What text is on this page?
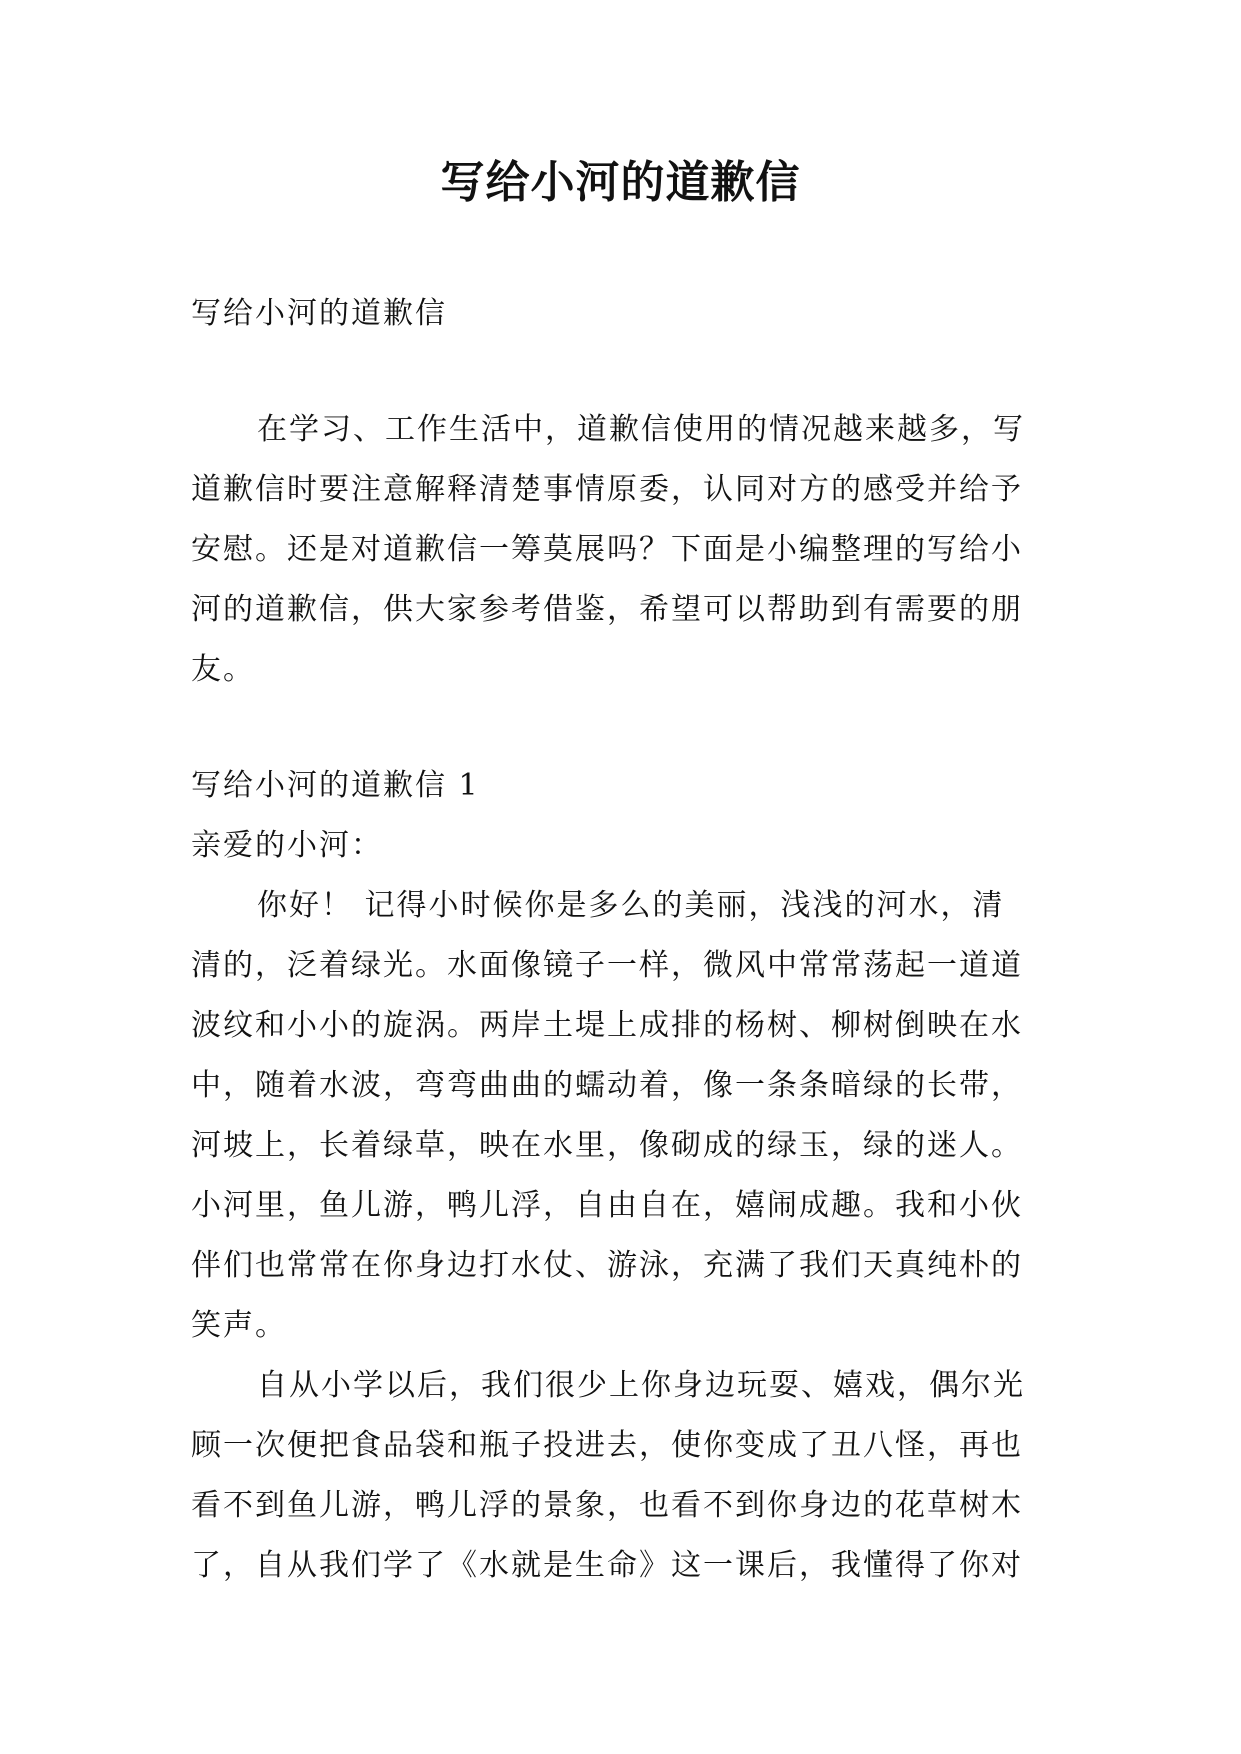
写给小河的道歉信

写给小河的道歉信

在学习、工作生活中，道歉信使用的情况越来越多，写

道歉信时要注意解释清楚事情原委，认同对方的感受并给予

安慰。还是对道歉信一筹莫展吗？下面是小编整理的写给小

河的道歉信，供大家参考借鉴，希望可以帮助到有需要的朋

友。

写给小河的道歉信 1

亲爱的小河：

你好！ 记得小时候你是多么的美丽，浅浅的河水，清

清的，泛着绿光。水面像镜子一样，微风中常常荡起一道道

波纹和小小的旋涡。两岸土堤上成排的杨树、柳树倒映在水

中，随着水波，弯弯曲曲的蠕动着，像一条条暗绿的长带，

河坡上，长着绿草，映在水里，像砌成的绿玉，绿的迷人。

小河里，鱼儿游，鸭儿浮，自由自在，嬉闹成趣。我和小伙

伴们也常常在你身边打水仗、游泳，充满了我们天真纯朴的

笑声。

自从小学以后，我们很少上你身边玩耍、嬉戏，偶尔光

顾一次便把食品袋和瓶子投进去，使你变成了丑八怪，再也

看不到鱼儿游，鸭儿浮的景象，也看不到你身边的花草树木

了，自从我们学了《水就是生命》这一课后，我懂得了你对
